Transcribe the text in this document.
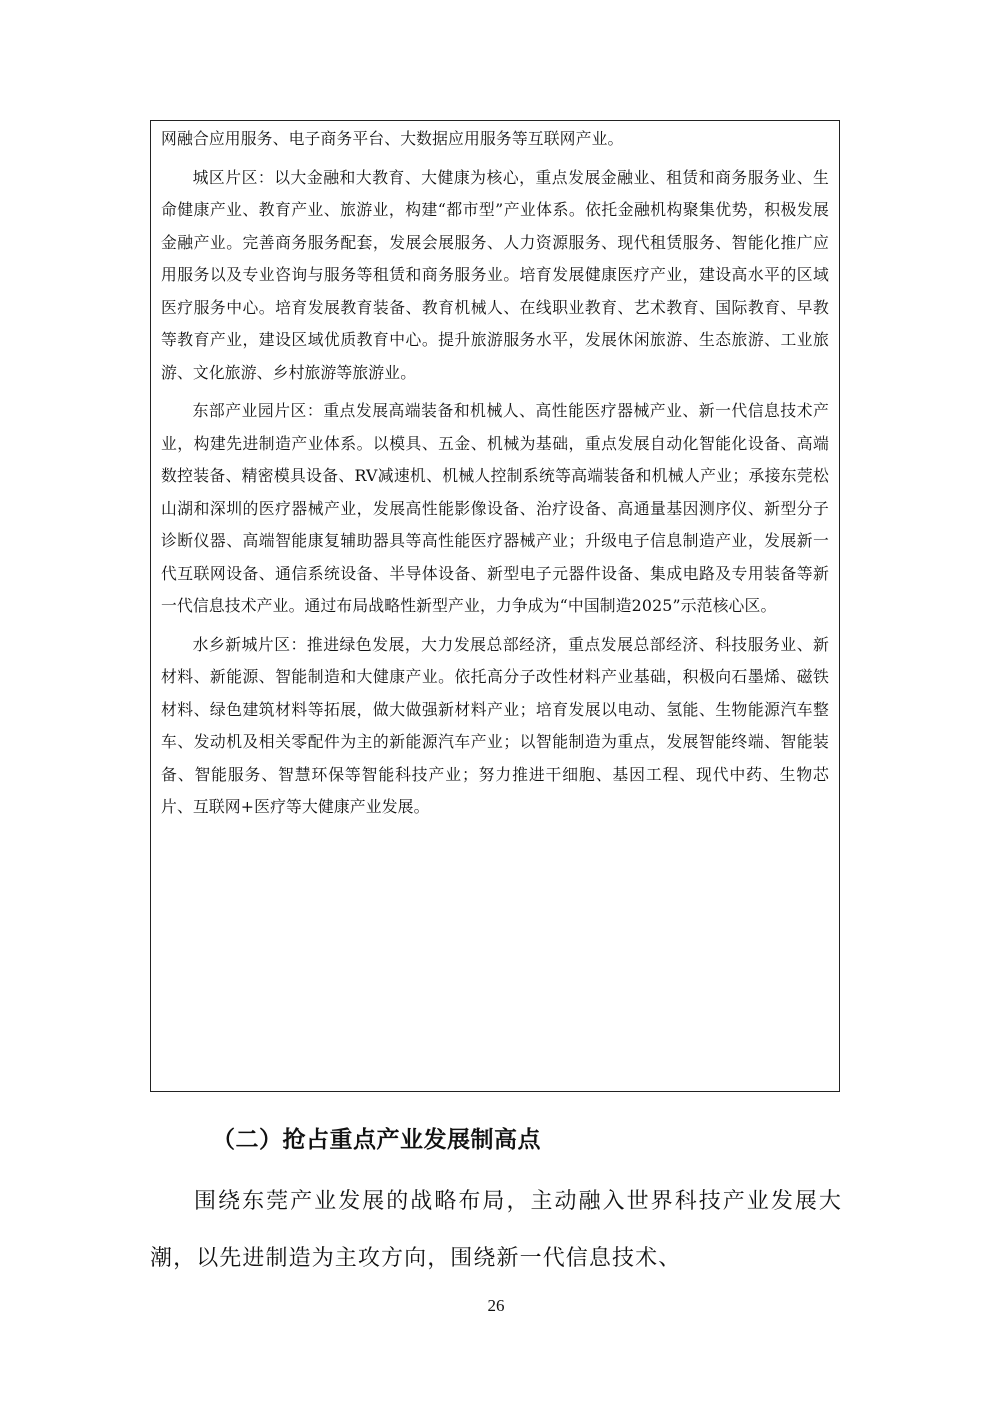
网融合应用服务、电子商务平台、大数据应用服务等互联网产业。

城区片区：以大金融和大教育、大健康为核心，重点发展金融业、租赁和商务服务业、生命健康产业、教育产业、旅游业，构建“都市型”产业体系。依托金融机构聚集优势，积极发展金融产业。完善商务服务配套，发展会展服务、人力资源服务、现代租赁服务、智能化推广应用服务以及专业咨询与服务等租赁和商务服务业。培育发展健康医疗产业，建设高水平的区域医疗服务中心。培育发展教育装备、教育机械人、在线职业教育、艺术教育、国际教育、早教等教育产业，建设区域优质教育中心。提升旅游服务水平，发展休闲旅游、生态旅游、工业旅游、文化旅游、乡村旅游等旅游业。

东部产业园片区：重点发展高端装备和机械人、高性能医疗器械产业、新一代信息技术产业，构建先进制造产业体系。以模具、五金、机械为基础，重点发展自动化智能化设备、高端数控装备、精密模具设备、RV减速机、机械人控制系统等高端装备和机械人产业；承接东莞松山湖和深圳的医疗器械产业，发展高性能影像设备、治疗设备、高通量基因测序仪、新型分子诊断仪器、高端智能康复辅助器具等高性能医疗器械产业；升级电子信息制造产业，发展新一代互联网设备、通信系统设备、半导体设备、新型电子元器件设备、集成电路及专用装备等新一代信息技术产业。通过布局战略性新型产业，力争成为“中国制造2025”示范核心区。

水乡新城片区：推进绿色发展，大力发展总部经济，重点发展总部经济、科技服务业、新材料、新能源、智能制造和大健康产业。依托高分子改性材料产业基础，积极向石墨烯、磁铁材料、绿色建筑材料等拓展，做大做强新材料产业；培育发展以电动、氢能、生物能源汽车整车、发动机及相关零配件为主的新能源汽车产业；以智能制造为重点，发展智能终端、智能装备、智能服务、智慧环保等智能科技产业；努力推进干细胞、基因工程、现代中药、生物芯片、互联网+医疗等大健康产业发展。

（二）抢占重点产业发展制高点

围绕东莞产业发展的战略布局，主动融入世界科技产业发展大潮，以先进制造为主攻方向，围绕新一代信息技术、

26
